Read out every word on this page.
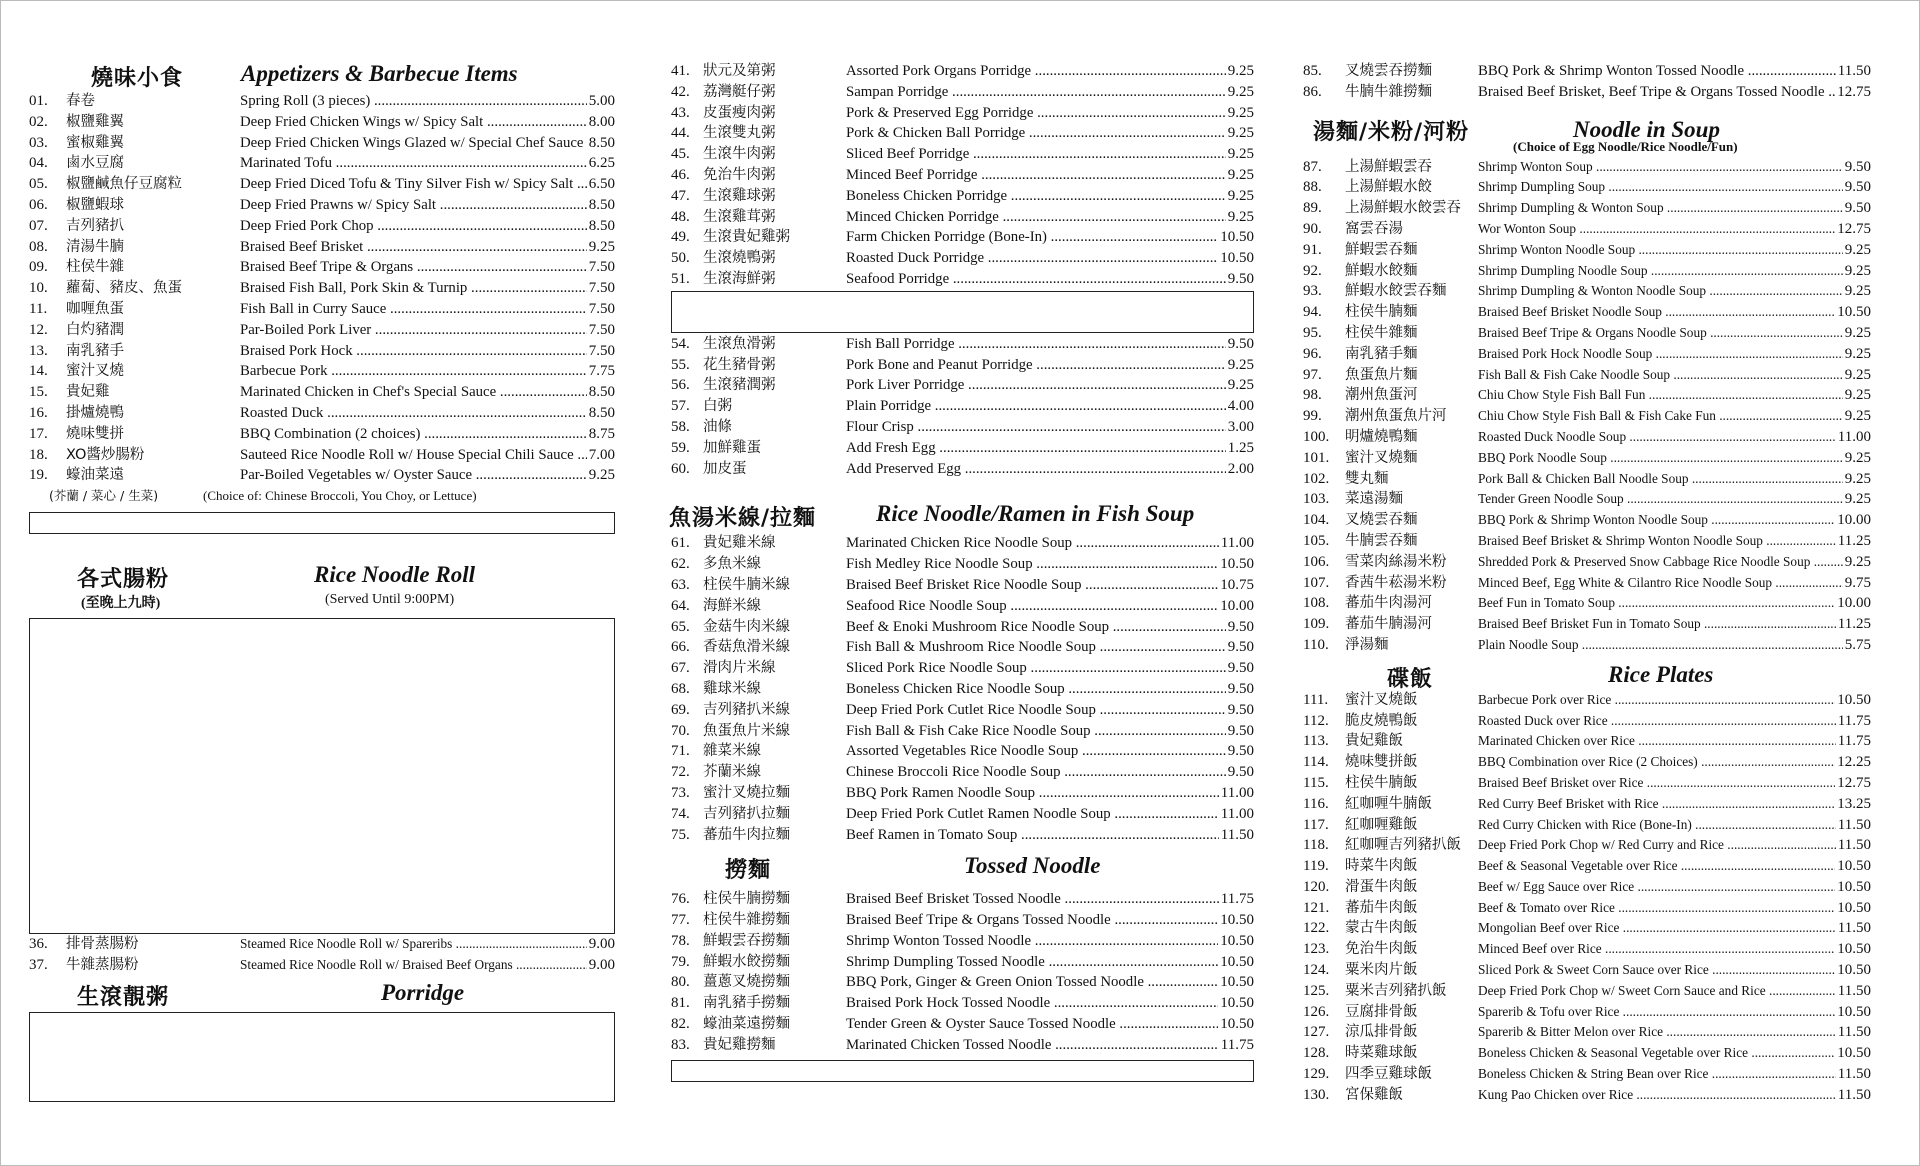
燒味小食	Appetizers & Barbecue Items
01.	春卷	Spring Roll (3 pieces) .....	5.00
02.	椒鹽雞翼	Deep Fried Chicken Wings w/ Spicy Salt .....	8.00
03.	蜜椒雞翼	Deep Fried Chicken Wings Glazed w/ Special Chef Sauce ..... 8.50
04.	鹵水豆腐	Marinated Tofu .....	6.25
05.	椒鹽鹹魚仔豆腐粒	Deep Fried Diced Tofu & Tiny Silver Fish w/ Spicy Salt .....	6.50
06.	椒鹽蝦球	Deep Fried Prawns w/ Spicy Salt .....	8.50
07.	吉列豬扒	Deep Fried Pork Chop .....	8.50
08.	清湯牛腩	Braised Beef Brisket .....	9.25
09.	柱侯牛雜	Braised Beef Tripe & Organs .....	7.50
10.	蘿蔔、豬皮、魚蛋	Braised Fish Ball, Pork Skin & Turnip .....	7.50
11.	咖喱魚蛋	Fish Ball in Curry Sauce .....	7.50
12.	白灼豬潤	Par-Boiled Pork Liver .....	7.50
13.	南乳豬手	Braised Pork Hock .....	7.50
14.	蜜汁叉燒	Barbecue Pork .....	7.75
15.	貴妃雞	Marinated Chicken in Chef's Special Sauce .....	8.50
16.	掛爐燒鴨	Roasted Duck .....	8.50
17.	燒味雙拼	BBQ Combination (2 choices) .....	8.75
18.	XO醬炒腸粉	Sauteed Rice Noodle Roll w/ House Special Chili Sauce .....	7.00
19.	蠔油菜遠	Par-Boiled Vegetables w/ Oyster Sauce .....	9.25
(芥蘭 / 菜心 / 生菜)	(Choice of: Chinese Broccoli, You Choy, or Lettuce)
各式腸粉	Rice Noodle Roll
(至晚上九時)	(Served Until 9:00PM)
36.	排骨蒸腸粉	Steamed Rice Noodle Roll w/ Spareribs .....	9.00
37.	牛雜蒸腸粉	Steamed Rice Noodle Roll w/ Braised Beef Organs .....	9.00
生滾靚粥	Porridge
41. 狀元及第粥	Assorted Pork Organs Porridge .....	9.25
42. 荔灣艇仔粥	Sampan Porridge .....	9.25
43. 皮蛋瘦肉粥	Pork & Preserved Egg Porridge .....	9.25
44. 生滾雙丸粥	Pork & Chicken Ball Porridge .....	9.25
45. 生滾牛肉粥	Sliced Beef Porridge .....	9.25
46. 免治牛肉粥	Minced Beef Porridge .....	9.25
47. 生滾雞球粥	Boneless Chicken Porridge .....	9.25
48. 生滾雞茸粥	Minced Chicken Porridge .....	9.25
49. 生滾貴妃雞粥	Farm Chicken Porridge (Bone-In) .....	10.50
50. 生滾燒鴨粥	Roasted Duck Porridge .....	10.50
51. 生滾海鮮粥	Seafood Porridge .....	9.50
54. 生滾魚滑粥	Fish Ball Porridge .....	9.50
55. 花生豬骨粥	Pork Bone and Peanut Porridge .....	9.25
56. 生滾豬潤粥	Pork Liver Porridge .....	9.25
57. 白粥	Plain Porridge .....	4.00
58. 油條	Flour Crisp .....	3.00
59. 加鮮雞蛋	Add Fresh Egg .....	1.25
60. 加皮蛋	Add Preserved Egg .....	2.00
魚湯米線/拉麵	Rice Noodle/Ramen in Fish Soup
61. 貴妃雞米線	Marinated Chicken Rice Noodle Soup .....	11.00
62. 多魚米線	Fish Medley Rice Noodle Soup .....	10.50
63. 柱侯牛腩米線	Braised Beef Brisket Rice Noodle Soup .....	10.75
64. 海鮮米線	Seafood Rice Noodle Soup .....	10.00
65. 金菇牛肉米線	Beef & Enoki Mushroom Rice Noodle Soup .....	9.50
66. 香菇魚滑米線	Fish Ball & Mushroom Rice Noodle Soup .....	9.50
67. 滑肉片米線	Sliced Pork Rice Noodle Soup .....	9.50
68. 雞球米線	Boneless Chicken Rice Noodle Soup .....	9.50
69. 吉列豬扒米線	Deep Fried Pork Cutlet Rice Noodle Soup .....	9.50
70. 魚蛋魚片米線	Fish Ball & Fish Cake Rice Noodle Soup .....	9.50
71. 雜菜米線	Assorted Vegetables Rice Noodle Soup .....	9.50
72. 芥蘭米線	Chinese Broccoli Rice Noodle Soup .....	9.50
73. 蜜汁叉燒拉麵	BBQ Pork Ramen Noodle Soup .....	11.00
74. 吉列豬扒拉麵	Deep Fried Pork Cutlet Ramen Noodle Soup .....	11.00
75. 蕃茄牛肉拉麵	Beef Ramen in Tomato Soup .....	11.50
撈麵	Tossed Noodle
76. 柱侯牛腩撈麵	Braised Beef Brisket Tossed Noodle .....	11.75
77. 柱侯牛雜撈麵	Braised Beef Tripe & Organs Tossed Noodle .....	10.50
78. 鮮蝦雲吞撈麵	Shrimp Wonton Tossed Noodle .....	10.50
79. 鮮蝦水餃撈麵	Shrimp Dumpling Tossed Noodle .....	10.50
80. 薑蔥叉燒撈麵	BBQ Pork, Ginger & Green Onion Tossed Noodle .....	10.50
81. 南乳豬手撈麵	Braised Pork Hock Tossed Noodle .....	10.50
82. 蠔油菜遠撈麵	Tender Green & Oyster Sauce Tossed Noodle .....	10.50
83. 貴妃雞撈麵	Marinated Chicken Tossed Noodle .....	11.75
85.	叉燒雲吞撈麵	BBQ Pork & Shrimp Wonton Tossed Noodle .....	11.50
86.	牛腩牛雜撈麵	Braised Beef Brisket, Beef Tripe & Organs Tossed Noodle ..... 12.75
湯麵/米粉/河粉	Noodle in Soup
(Choice of Egg Noodle/Rice Noodle/Fun)
87.	上湯鮮蝦雲吞	Shrimp Wonton Soup .....	9.50
88.	上湯鮮蝦水餃	Shrimp Dumpling Soup .....	9.50
89.	上湯鮮蝦水餃雲吞	Shrimp Dumpling & Wonton Soup .....	9.50
90.	窩雲吞湯	Wor Wonton Soup .....	12.75
91.	鮮蝦雲吞麵	Shrimp Wonton Noodle Soup .....	9.25
92.	鮮蝦水餃麵	Shrimp Dumpling Noodle Soup .....	9.25
93.	鮮蝦水餃雲吞麵	Shrimp Dumpling & Wonton Noodle Soup .....	9.25
94.	柱侯牛腩麵	Braised Beef Brisket Noodle Soup .....	10.50
95.	柱侯牛雜麵	Braised Beef Tripe & Organs Noodle Soup .....	9.25
96.	南乳豬手麵	Braised Pork Hock Noodle Soup .....	9.25
97.	魚蛋魚片麵	Fish Ball & Fish Cake Noodle Soup .....	9.25
98.	潮州魚蛋河	Chiu Chow Style Fish Ball Fun .....	9.25
99.	潮州魚蛋魚片河	Chiu Chow Style Fish Ball & Fish Cake Fun .....	9.25
100.	明爐燒鴨麵	Roasted Duck Noodle Soup .....	11.00
101.	蜜汁叉燒麵	BBQ Pork Noodle Soup .....	9.25
102.	雙丸麵	Pork Ball & Chicken Ball Noodle Soup .....	9.25
103.	菜遠湯麵	Tender Green Noodle Soup .....	9.25
104.	叉燒雲吞麵	BBQ Pork & Shrimp Wonton Noodle Soup .....	10.00
105.	牛腩雲吞麵	Braised Beef Brisket & Shrimp Wonton Noodle Soup .....	11.25
106.	雪菜肉絲湯米粉	Shredded Pork & Preserved Snow Cabbage Rice Noodle Soup .....	9.25
107.	香茜牛菘湯米粉	Minced Beef, Egg White & Cilantro Rice Noodle Soup .....	9.75
108.	蕃茄牛肉湯河	Beef Fun in Tomato Soup .....	10.00
109.	蕃茄牛腩湯河	Braised Beef Brisket Fun in Tomato Soup .....	11.25
110.	淨湯麵	Plain Noodle Soup .....	5.75
碟飯	Rice Plates
111.	蜜汁叉燒飯	Barbecue Pork over Rice .....	10.50
112.	脆皮燒鴨飯	Roasted Duck over Rice .....	11.75
113.	貴妃雞飯	Marinated Chicken over Rice .....	11.75
114.	燒味雙拼飯	BBQ Combination over Rice (2 Choices) .....	12.25
115.	柱侯牛腩飯	Braised Beef Brisket over Rice .....	12.75
116.	紅咖喱牛腩飯	Red Curry Beef Brisket with Rice .....	13.25
117.	紅咖喱雞飯	Red Curry Chicken with Rice (Bone-In) .....	11.50
118.	紅咖喱吉列豬扒飯	Deep Fried Pork Chop w/ Red Curry and Rice .....	11.50
119.	時菜牛肉飯	Beef & Seasonal Vegetable over Rice .....	10.50
120.	滑蛋牛肉飯	Beef w/ Egg Sauce over Rice .....	10.50
121.	蕃茄牛肉飯	Beef & Tomato over Rice .....	10.50
122.	蒙古牛肉飯	Mongolian Beef over Rice .....	11.50
123.	免治牛肉飯	Minced Beef over Rice .....	10.50
124.	粟米肉片飯	Sliced Pork & Sweet Corn Sauce over Rice .....	10.50
125.	粟米吉列豬扒飯	Deep Fried Pork Chop w/ Sweet Corn Sauce and Rice .....	11.50
126.	豆腐排骨飯	Sparerib & Tofu over Rice .....	10.50
127.	涼瓜排骨飯	Sparerib & Bitter Melon over Rice .....	11.50
128.	時菜雞球飯	Boneless Chicken & Seasonal Vegetable over Rice .....	10.50
129.	四季豆雞球飯	Boneless Chicken & String Bean over Rice .....	11.50
130.	宮保雞飯	Kung Pao Chicken over Rice .....	11.50
